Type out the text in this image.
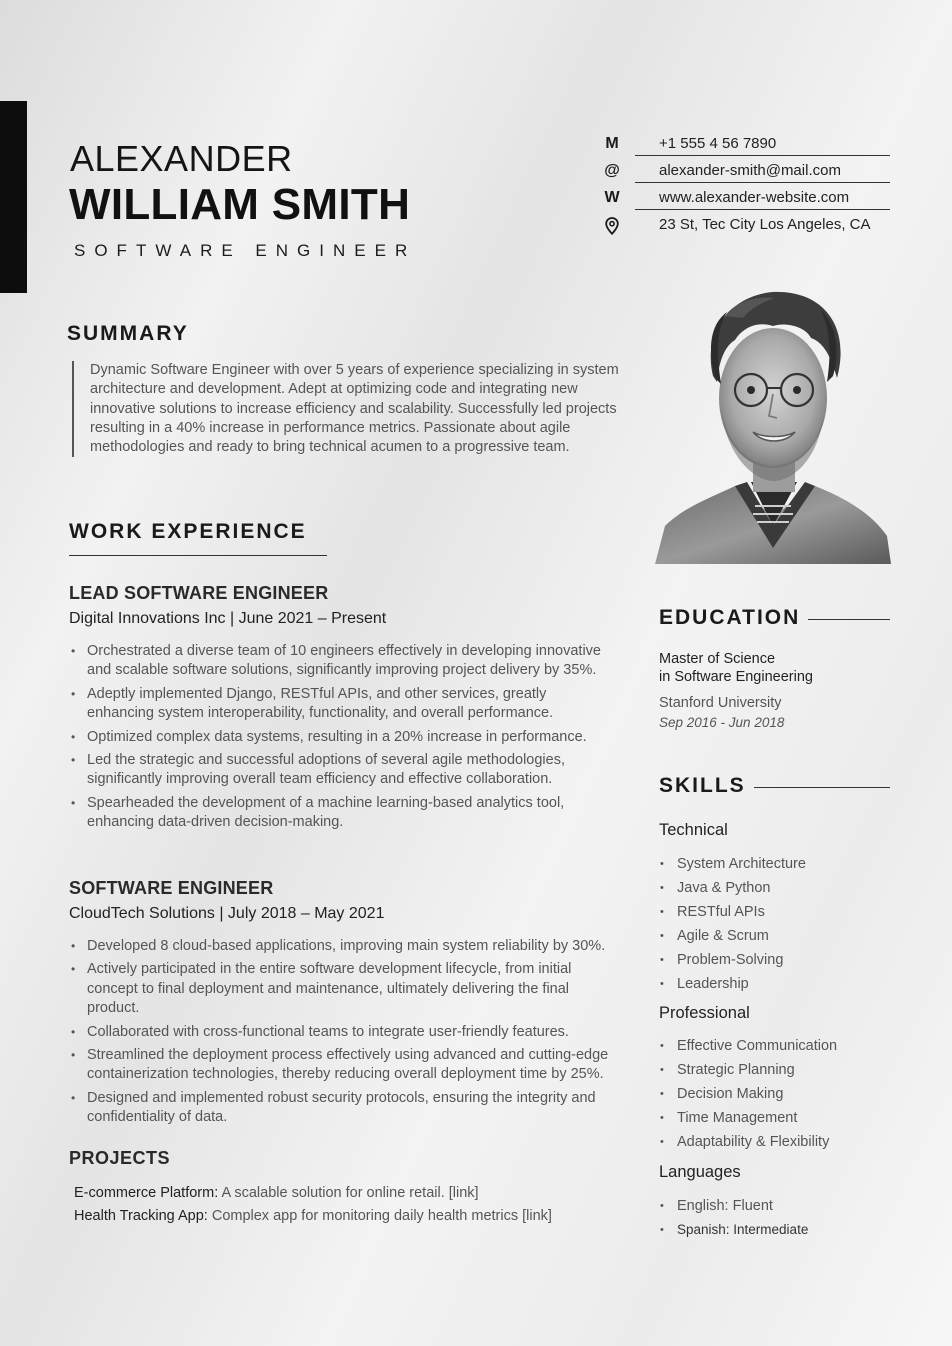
ALEXANDER
WILLIAM SMITH
SOFTWARE ENGINEER
M	+1 555 4 56 7890
@	alexander-smith@mail.com
W	www.alexander-website.com
23 St, Tec City Los Angeles, CA
SUMMARY

Dynamic Software Engineer with over 5 years of experience specializing in system architecture and development. Adept at optimizing code and integrating new innovative solutions to increase efficiency and scalability. Successfully led projects resulting in a 40% increase in performance metrics. Passionate about agile methodologies and ready to bring technical acumen to a progressive team.

WORK EXPERIENCE

LEAD SOFTWARE ENGINEER

Digital Innovations Inc | June 2021 – Present

• Orchestrated a diverse team of 10 engineers effectively in developing innovative and scalable software solutions, significantly improving project delivery by 35%.
• Adeptly implemented Django, RESTful APIs, and other services, greatly enhancing system interoperability, functionality, and overall performance.
• Optimized complex data systems, resulting in a 20% increase in performance.
• Led the strategic and successful adoptions of several agile methodologies, significantly improving overall team efficiency and effective collaboration.
• Spearheaded the development of a machine learning-based analytics tool, enhancing data-driven decision-making.

SOFTWARE ENGINEER

CloudTech Solutions | July 2018 – May 2021

• Developed 8 cloud-based applications, improving main system reliability by 30%.
• Actively participated in the entire software development lifecycle, from initial concept to final deployment and maintenance, ultimately delivering the final product.
• Collaborated with cross-functional teams to integrate user-friendly features.
• Streamlined the deployment process effectively using advanced and cutting-edge containerization technologies, thereby reducing overall deployment time by 25%.
• Designed and implemented robust security protocols, ensuring the integrity and confidentiality of data.
PROJECTS
E-commerce Platform: A scalable solution for online retail. [link]
Health Tracking App: Complex app for monitoring daily health metrics [link]
EDUCATION

Master of Science

in Software Engineering

Stanford University

Sep 2016 - Jun 2018

SKILLS

Technical

• System Architecture
• Java & Python
• RESTful APIs
• Agile & Scrum
• Problem-Solving
• Leadership

Professional

• Effective Communication
• Strategic Planning
• Decision Making
• Time Management
• Adaptability & Flexibility

Languages

• English: Fluent
• Spanish: Intermediate
